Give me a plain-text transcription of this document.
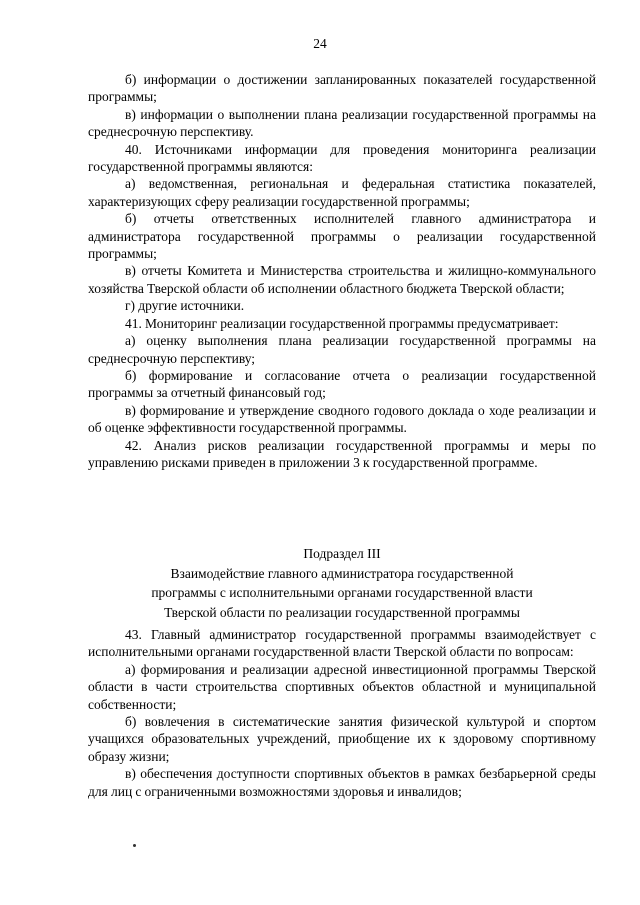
24

б) информации о достижении запланированных показателей государственной программы;

в) информации о выполнении плана реализации государственной программы на среднесрочную перспективу.

40. Источниками информации для проведения мониторинга реализации государственной программы являются:

а) ведомственная, региональная и федеральная статистика показателей, характеризующих сферу реализации государственной программы;

б) отчеты ответственных исполнителей главного администратора и администратора государственной программы о реализации государственной программы;

в) отчеты Комитета и Министерства строительства и жилищно-коммунального хозяйства Тверской области об исполнении областного бюджета Тверской области;

г) другие источники.

41. Мониторинг реализации государственной программы предусматривает:

а) оценку выполнения плана реализации государственной программы на среднесрочную перспективу;

б) формирование и согласование отчета о реализации государственной программы за отчетный финансовый год;

в) формирование и утверждение сводного годового доклада о ходе реализации и об оценке эффективности государственной программы.

42. Анализ рисков реализации государственной программы и меры по управлению рисками приведен в приложении 3 к государственной программе.

Подраздел III
Взаимодействие главного администратора государственной
программы с исполнительными органами государственной власти
Тверской области по реализации государственной программы

43. Главный администратор государственной программы взаимодействует с исполнительными органами государственной власти Тверской области по вопросам:

а) формирования и реализации адресной инвестиционной программы Тверской области в части строительства спортивных объектов областной и муниципальной собственности;

б) вовлечения в систематические занятия физической культурой и спортом учащихся образовательных учреждений, приобщение их к здоровому спортивному образу жизни;

в) обеспечения доступности спортивных объектов в рамках безбарьерной среды для лиц с ограниченными возможностями здоровья и инвалидов;
